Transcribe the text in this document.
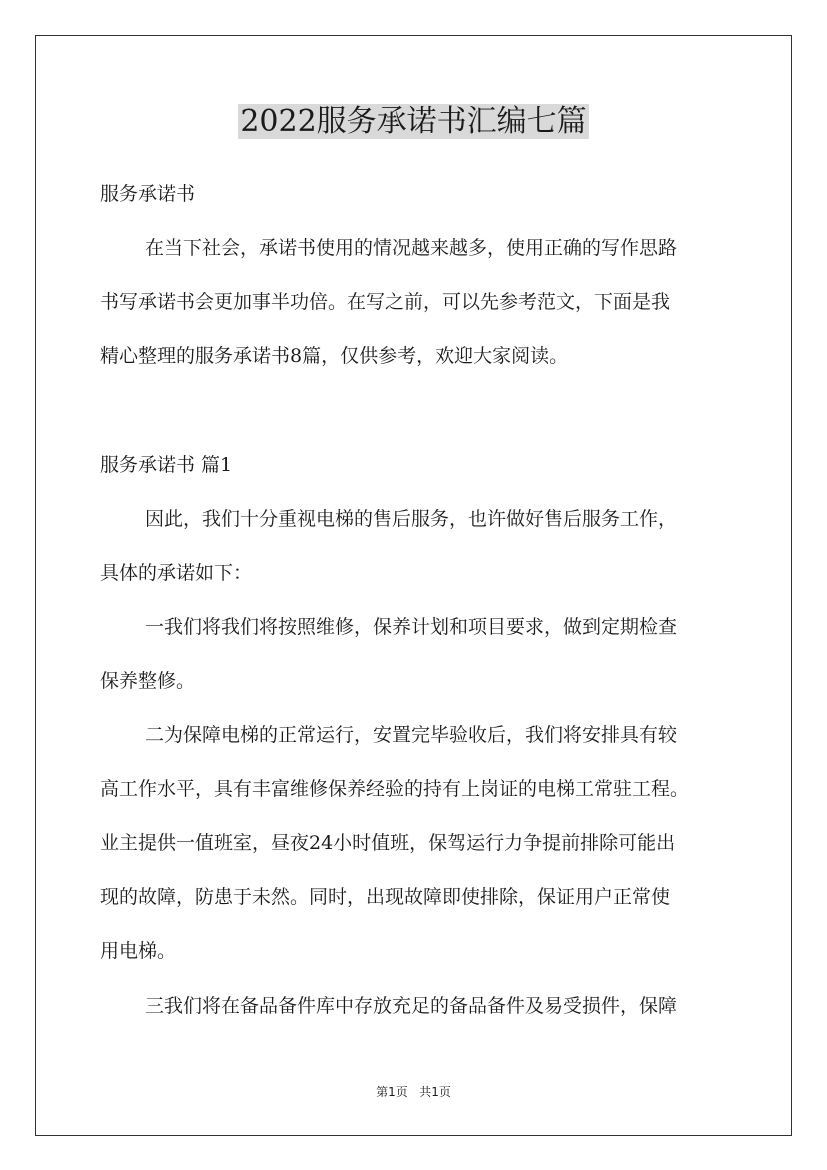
2022服务承诺书汇编七篇
服务承诺书
在当下社会，承诺书使用的情况越来越多，使用正确的写作思路
书写承诺书会更加事半功倍。在写之前，可以先参考范文，下面是我
精心整理的服务承诺书8篇，仅供参考，欢迎大家阅读。
服务承诺书 篇1
因此，我们十分重视电梯的售后服务，也许做好售后服务工作，
具体的承诺如下：
一我们将我们将按照维修，保养计划和项目要求，做到定期检查
保养整修。
二为保障电梯的正常运行，安置完毕验收后，我们将安排具有较
高工作水平，具有丰富维修保养经验的持有上岗证的电梯工常驻工程。
业主提供一值班室，昼夜24小时值班，保驾运行力争提前排除可能出
现的故障，防患于未然。同时，出现故障即使排除，保证用户正常使
用电梯。
三我们将在备品备件库中存放充足的备品备件及易受损件，保障
第1页 共1页
